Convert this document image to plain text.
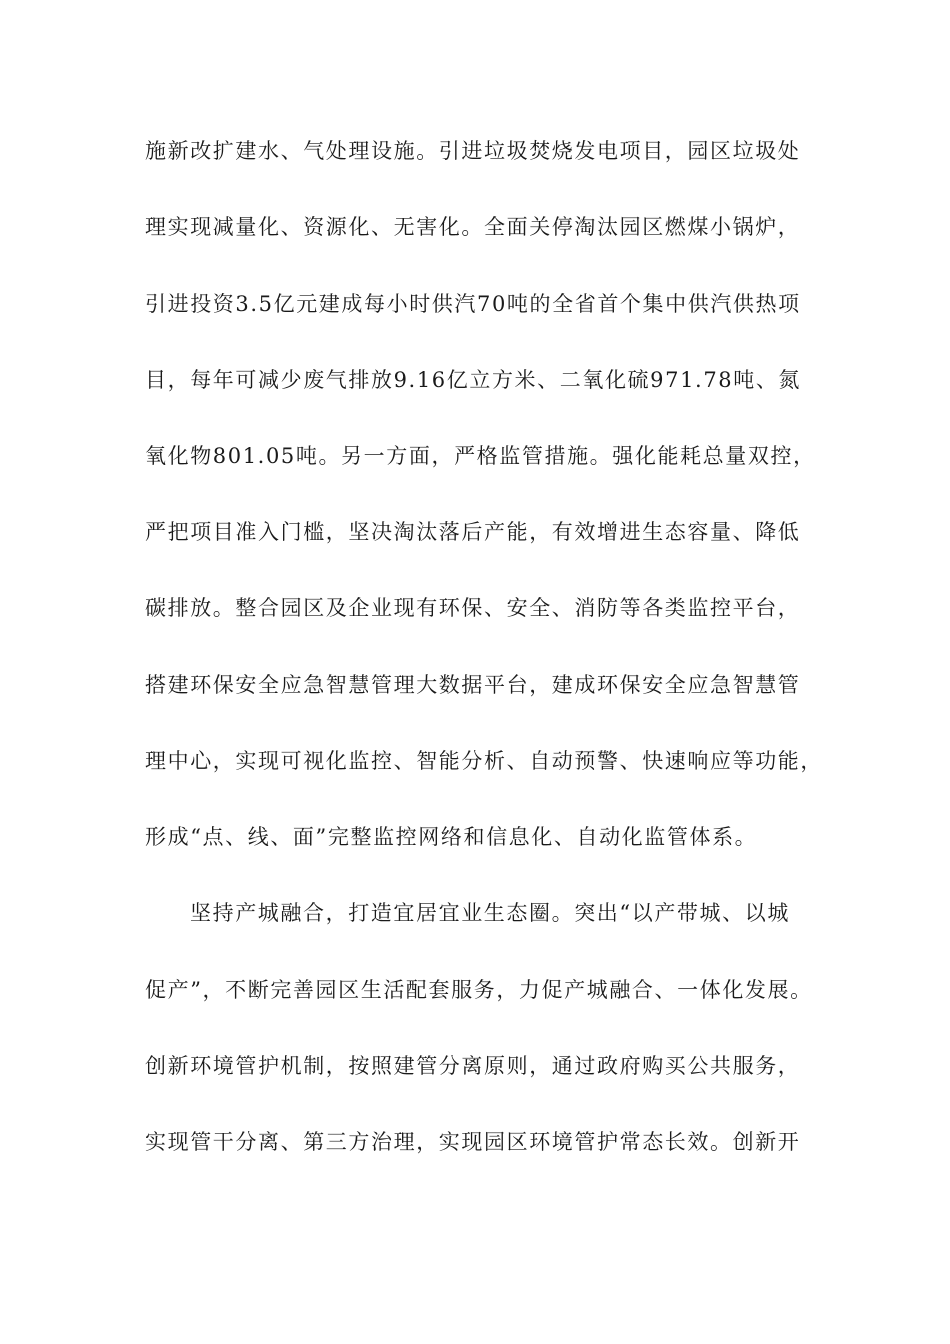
施新改扩建水、气处理设施。引进垃圾焚烧发电项目，园区垃圾处
理实现减量化、资源化、无害化。全面关停淘汰园区燃煤小锅炉，
引进投资3.5亿元建成每小时供汽70吨的全省首个集中供汽供热项
目，每年可减少废气排放9.16亿立方米、二氧化硫971.78吨、氮
氧化物801.05吨。另一方面，严格监管措施。强化能耗总量双控，
严把项目准入门槛，坚决淘汰落后产能，有效增进生态容量、降低
碳排放。整合园区及企业现有环保、安全、消防等各类监控平台，
搭建环保安全应急智慧管理大数据平台，建成环保安全应急智慧管
理中心，实现可视化监控、智能分析、自动预警、快速响应等功能，
形成“点、线、面”完整监控网络和信息化、自动化监管体系。
坚持产城融合，打造宜居宜业生态圈。突出“以产带城、以城
促产”，不断完善园区生活配套服务，力促产城融合、一体化发展。
创新环境管护机制，按照建管分离原则，通过政府购买公共服务，
实现管干分离、第三方治理，实现园区环境管护常态长效。创新开
